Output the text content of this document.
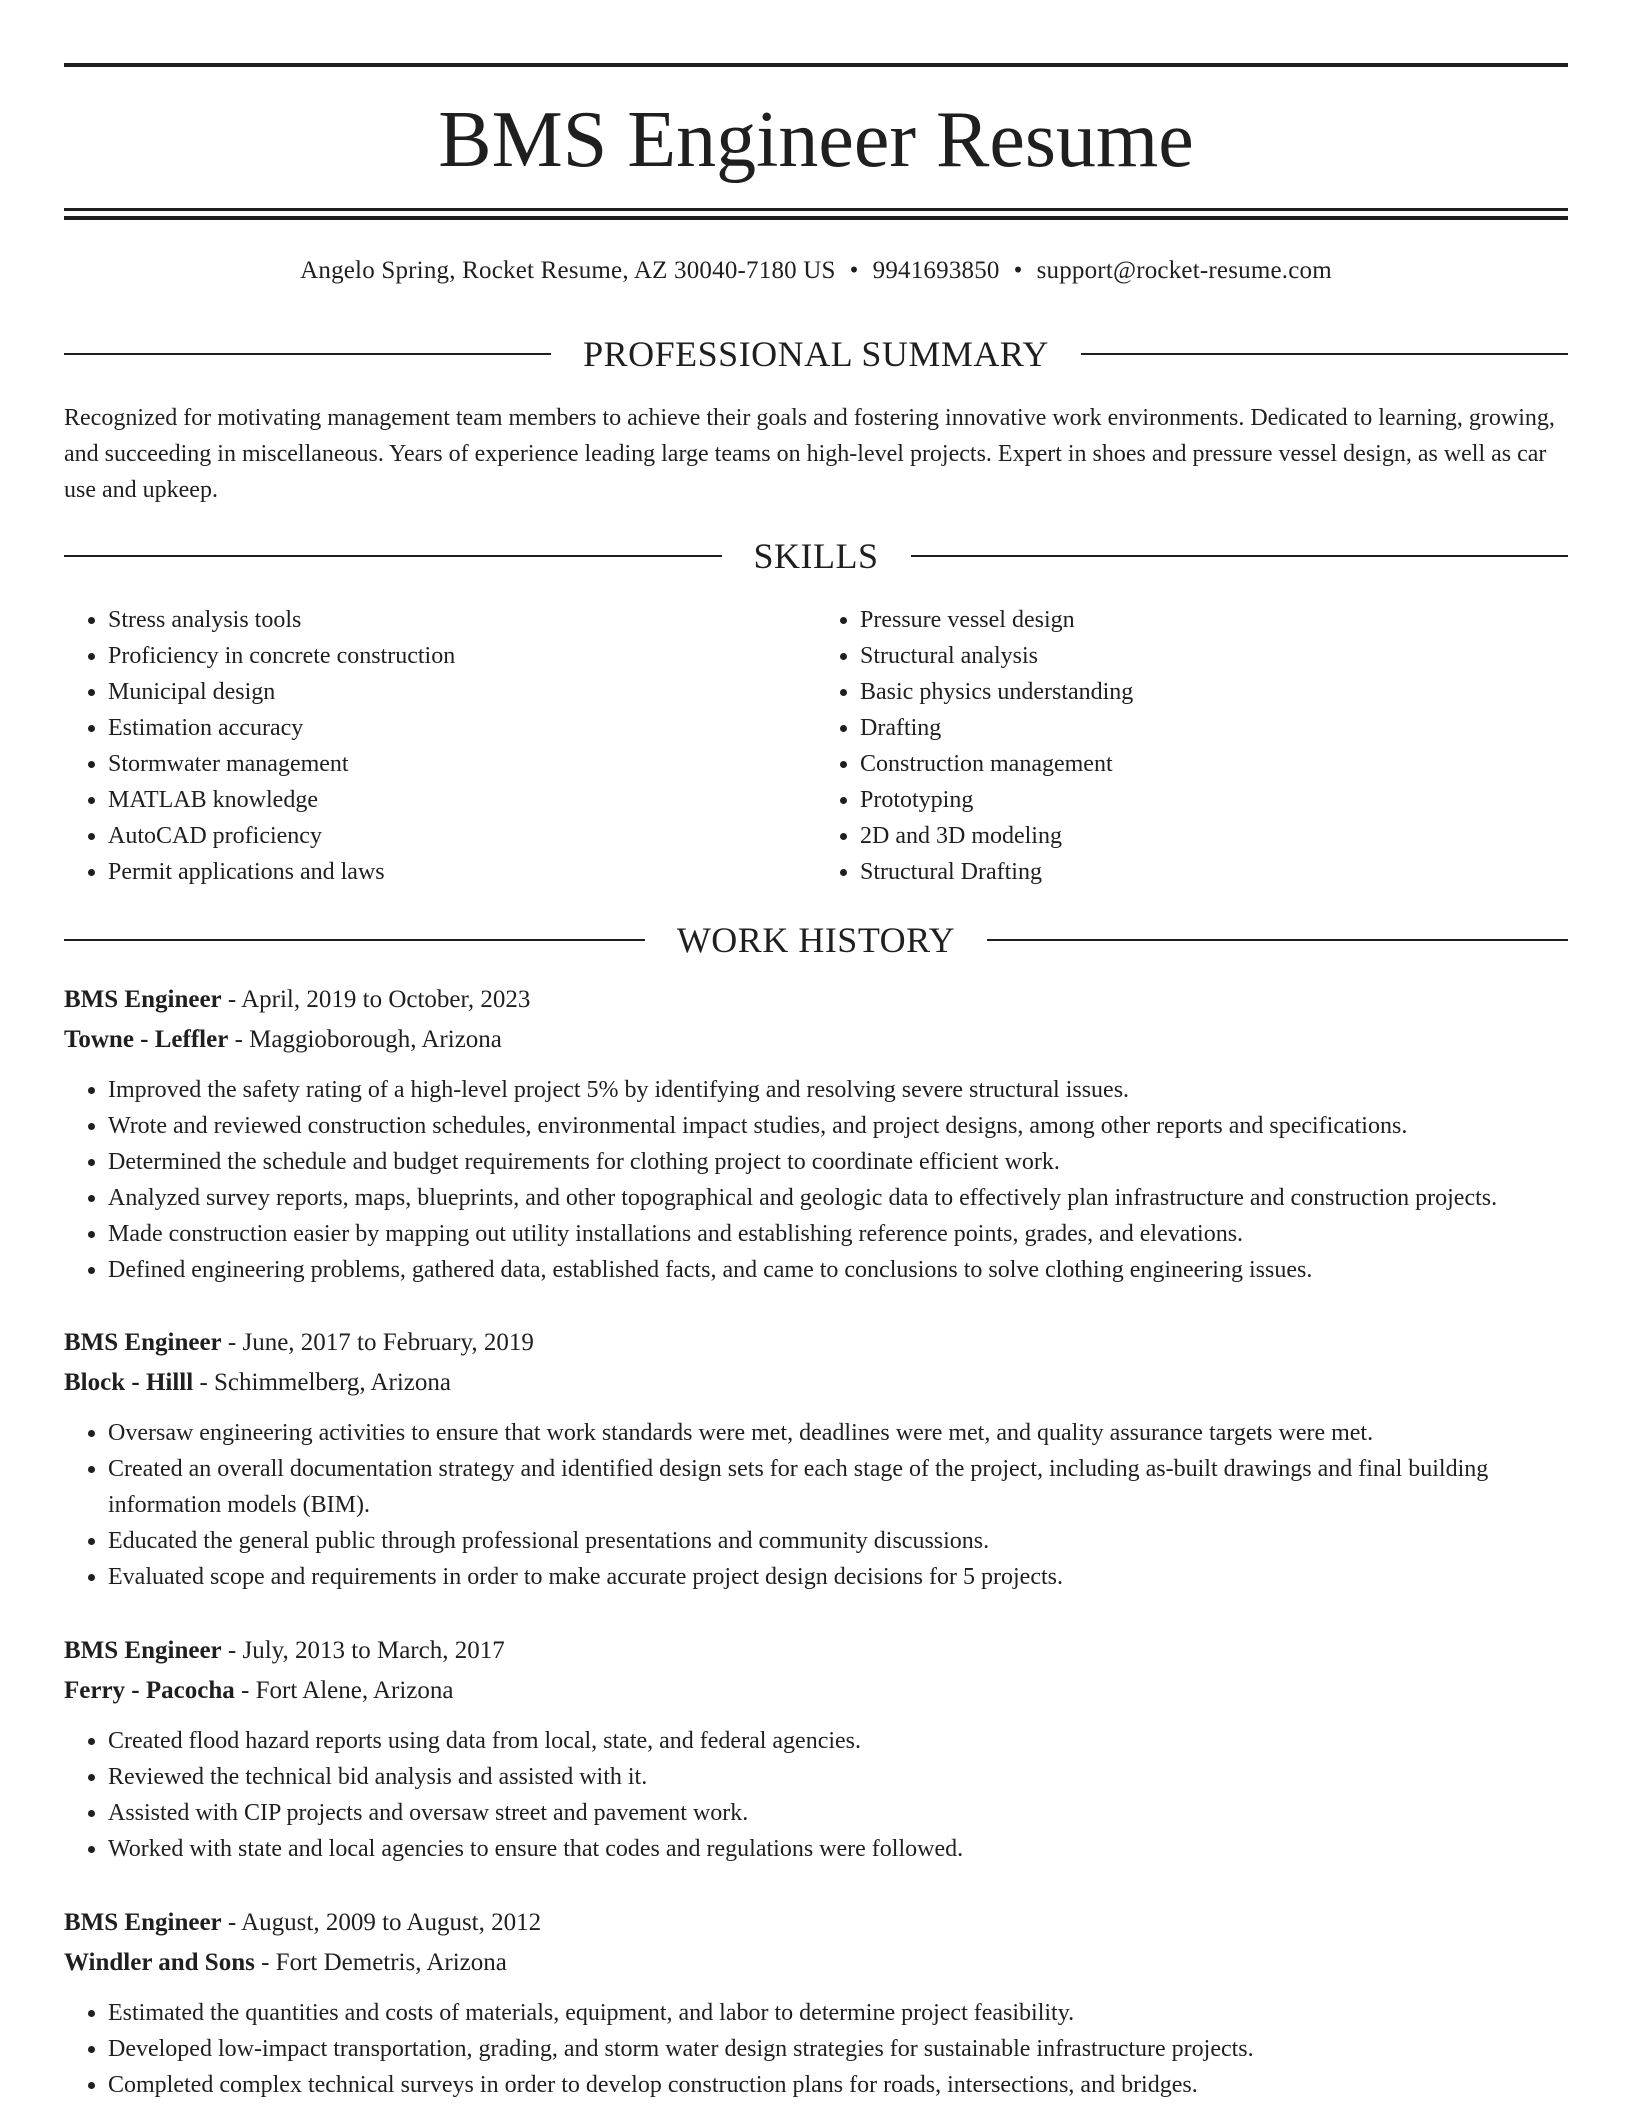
BMS Engineer Resume
Angelo Spring, Rocket Resume, AZ 30040-7180 US • 9941693850 • support@rocket-resume.com
PROFESSIONAL SUMMARY

Recognized for motivating management team members to achieve their goals and fostering innovative work environments. Dedicated to learning, growing, and succeeding in miscellaneous. Years of experience leading large teams on high-level projects. Expert in shoes and pressure vessel design, as well as car use and upkeep.

SKILLS
• Stress analysis tools
• Proficiency in concrete construction
• Municipal design
• Estimation accuracy
• Stormwater management
• MATLAB knowledge
• AutoCAD proficiency
• Permit applications and laws
• Pressure vessel design
• Structural analysis
• Basic physics understanding
• Drafting
• Construction management
• Prototyping
• 2D and 3D modeling
• Structural Drafting
WORK HISTORY
BMS Engineer - April, 2019 to October, 2023
Towne - Leffler - Maggioborough, Arizona
• Improved the safety rating of a high-level project 5% by identifying and resolving severe structural issues.
• Wrote and reviewed construction schedules, environmental impact studies, and project designs, among other reports and specifications.
• Determined the schedule and budget requirements for clothing project to coordinate efficient work.
• Analyzed survey reports, maps, blueprints, and other topographical and geologic data to effectively plan infrastructure and construction projects.
• Made construction easier by mapping out utility installations and establishing reference points, grades, and elevations.
• Defined engineering problems, gathered data, established facts, and came to conclusions to solve clothing engineering issues.
BMS Engineer - June, 2017 to February, 2019
Block - Hilll - Schimmelberg, Arizona
• Oversaw engineering activities to ensure that work standards were met, deadlines were met, and quality assurance targets were met.
• Created an overall documentation strategy and identified design sets for each stage of the project, including as-built drawings and final building information models (BIM).
• Educated the general public through professional presentations and community discussions.
• Evaluated scope and requirements in order to make accurate project design decisions for 5 projects.
BMS Engineer - July, 2013 to March, 2017
Ferry - Pacocha - Fort Alene, Arizona
• Created flood hazard reports using data from local, state, and federal agencies.
• Reviewed the technical bid analysis and assisted with it.
• Assisted with CIP projects and oversaw street and pavement work.
• Worked with state and local agencies to ensure that codes and regulations were followed.
BMS Engineer - August, 2009 to August, 2012
Windler and Sons - Fort Demetris, Arizona
• Estimated the quantities and costs of materials, equipment, and labor to determine project feasibility.
• Developed low-impact transportation, grading, and storm water design strategies for sustainable infrastructure projects.
• Completed complex technical surveys in order to develop construction plans for roads, intersections, and bridges.
